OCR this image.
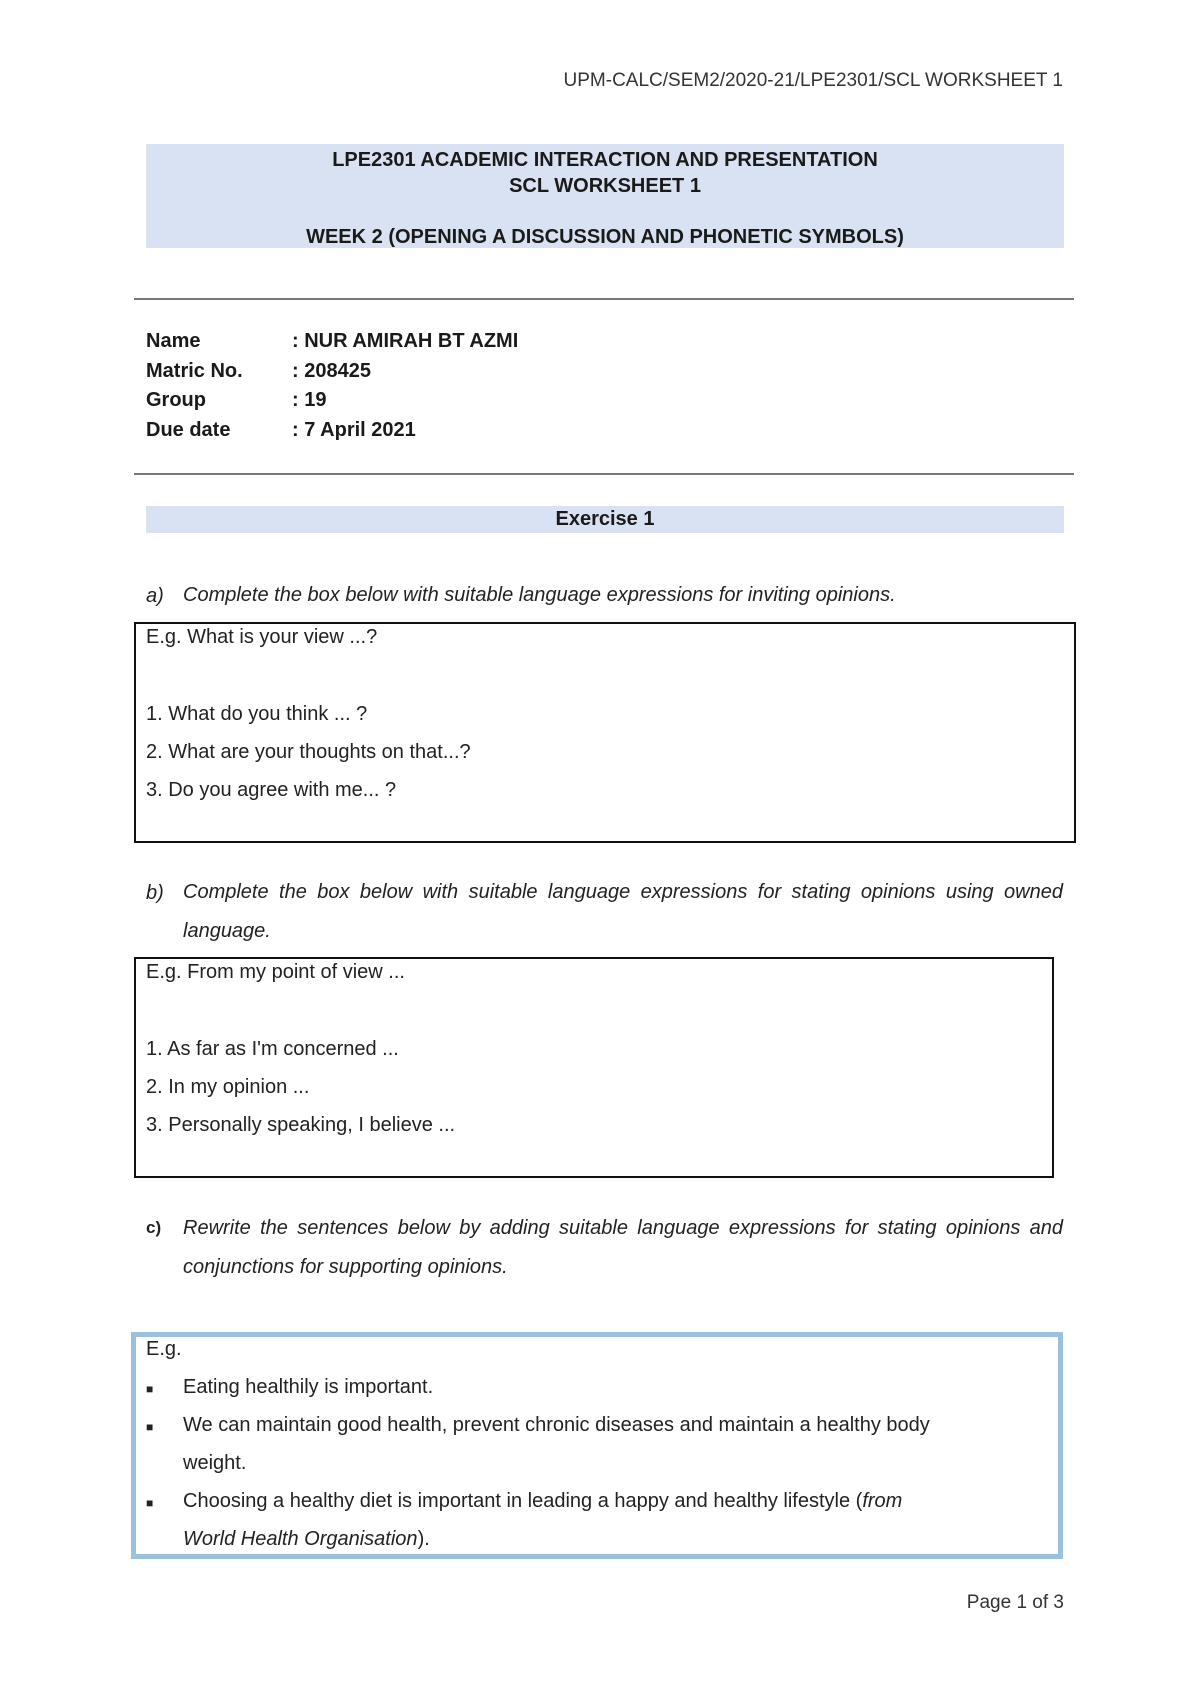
UPM-CALC/SEM2/2020-21/LPE2301/SCL WORKSHEET 1
LPE2301 ACADEMIC INTERACTION AND PRESENTATION
SCL WORKSHEET 1
WEEK 2 (OPENING A DISCUSSION AND PHONETIC SYMBOLS)
Name	: NUR AMIRAH BT AZMI
Matric No.	: 208425
Group	: 19
Due date	: 7 April 2021
Exercise 1
a) Complete the box below with suitable language expressions for inviting opinions.
E.g. What is your view ...?
1. What do you think ... ?
2. What are your thoughts on that...?
3. Do you agree with me... ?
b) Complete the box below with suitable language expressions for stating opinions using owned language.
E.g. From my point of view ...
1. As far as I'm concerned ...
2. In my opinion ...
3. Personally speaking, I believe ...
c) Rewrite the sentences below by adding suitable language expressions for stating opinions and conjunctions for supporting opinions.
E.g.
■ Eating healthily is important.
■ We can maintain good health, prevent chronic diseases and maintain a healthy body
weight.
■ Choosing a healthy diet is important in leading a happy and healthy lifestyle (from
World Health Organisation).
Page 1 of 3
